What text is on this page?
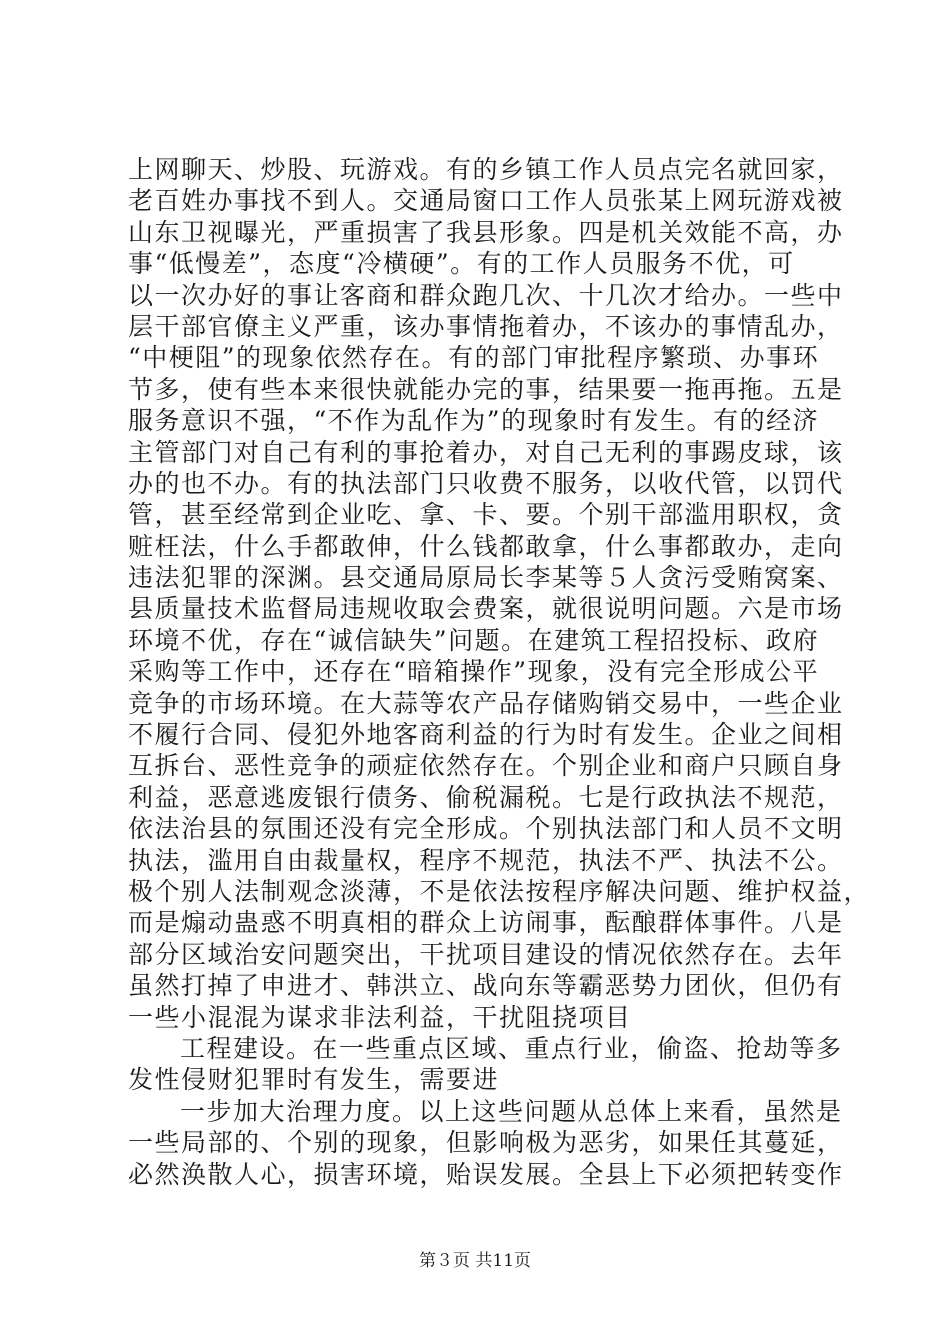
上网聊天、炒股、玩游戏。有的乡镇工作人员点完名就回家，
老百姓办事找不到人。交通局窗口工作人员张某上网玩游戏被
山东卫视曝光，严重损害了我县形象。四是机关效能不高，办
事“低慢差”，态度“冷横硬”。有的工作人员服务不优，可
以一次办好的事让客商和群众跑几次、十几次才给办。一些中
层干部官僚主义严重，该办事情拖着办，不该办的事情乱办，
“中梗阻”的现象依然存在。有的部门审批程序繁琐、办事环
节多，使有些本来很快就能办完的事，结果要一拖再拖。五是
服务意识不强，“不作为乱作为”的现象时有发生。有的经济
主管部门对自己有利的事抢着办，对自己无利的事踢皮球，该
办的也不办。有的执法部门只收费不服务，以收代管，以罚代
管，甚至经常到企业吃、拿、卡、要。个别干部滥用职权，贪
赃枉法，什么手都敢伸，什么钱都敢拿，什么事都敢办，走向
违法犯罪的深渊。县交通局原局长李某等５人贪污受贿窝案、
县质量技术监督局违规收取会费案，就很说明问题。六是市场
环境不优，存在“诚信缺失”问题。在建筑工程招投标、政府
采购等工作中，还存在“暗箱操作”现象，没有完全形成公平
竞争的市场环境。在大蒜等农产品存储购销交易中，一些企业
不履行合同、侵犯外地客商利益的行为时有发生。企业之间相
互拆台、恶性竞争的顽症依然存在。个别企业和商户只顾自身
利益，恶意逃废银行债务、偷税漏税。七是行政执法不规范，
依法治县的氛围还没有完全形成。个别执法部门和人员不文明
执法，滥用自由裁量权，程序不规范，执法不严、执法不公。
极个别人法制观念淡薄，不是依法按程序解决问题、维护权益，
而是煽动蛊惑不明真相的群众上访闹事，酝酿群体事件。八是
部分区域治安问题突出，干扰项目建设的情况依然存在。去年
虽然打掉了申进才、韩洪立、战向东等霸恶势力团伙，但仍有
一些小混混为谋求非法利益，干扰阻挠项目
工程建设。在一些重点区域、重点行业，偷盗、抢劫等多
发性侵财犯罪时有发生，需要进
一步加大治理力度。以上这些问题从总体上来看，虽然是
一些局部的、个别的现象，但影响极为恶劣，如果任其蔓延，
必然涣散人心，损害环境，贻误发展。全县上下必须把转变作
第３页 共11页
